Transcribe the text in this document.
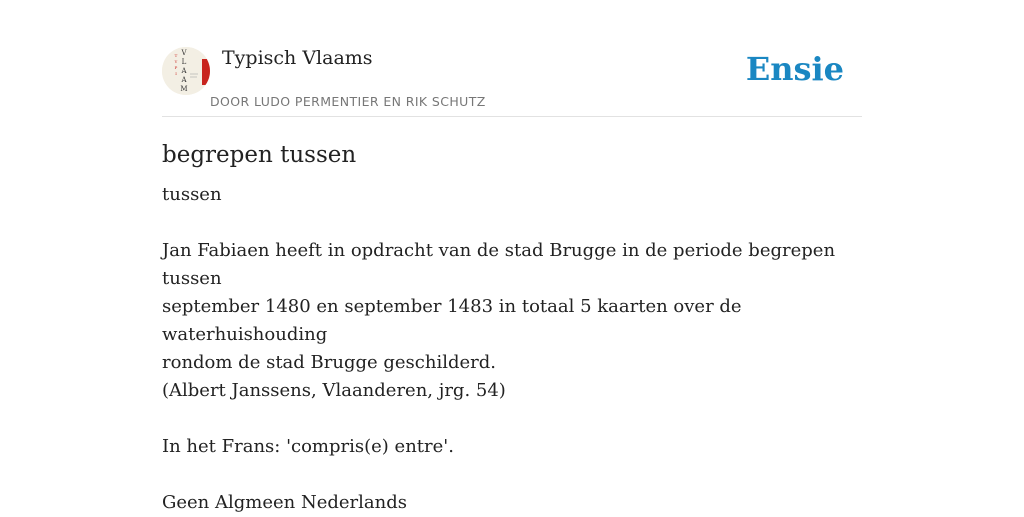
V
L
A
A
M
T
Y
P
I
Typisch Vlaams
DOOR LUDO PERMENTIER EN RIK SCHUTZ
Ensie
begrepen tussen

tussen

Jan Fabiaen heeft in opdracht van de stad Brugge in de periode begrepen tussen

september 1480 en september 1483 in totaal 5 kaarten over de waterhuishouding

rondom de stad Brugge geschilderd.

(Albert Janssens, Vlaanderen, jrg. 54)

In het Frans: 'compris(e) entre'.

Geen Algmeen Nederlands
